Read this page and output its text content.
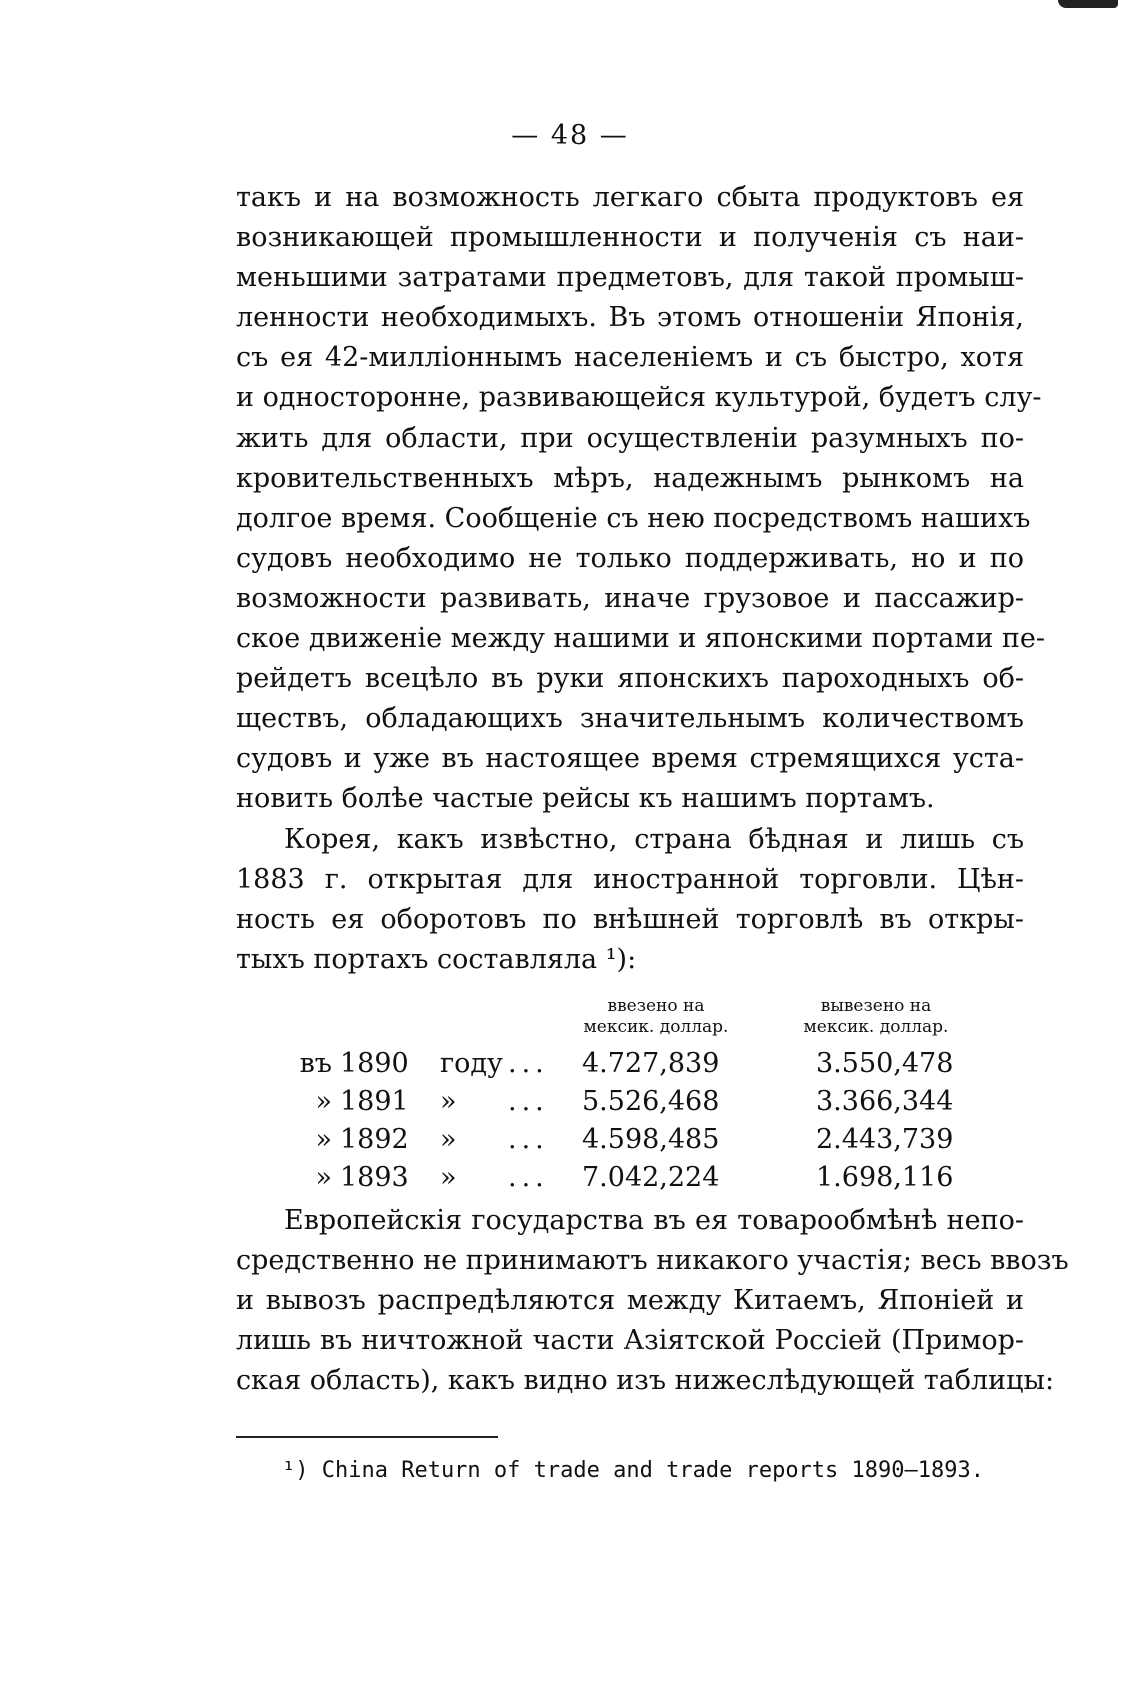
— 48 —
такъ и на возможность легкаго сбыта продуктовъ ея
возникающей промышленности и полученія съ наи-
меньшими затратами предметовъ, для такой промыш-
ленности необходимыхъ. Въ этомъ отношеніи Японія,
съ ея 42-милліоннымъ населеніемъ и съ быстро, хотя
и односторонне, развивающейся культурой, будетъ слу-
жить для области, при осуществленіи разумныхъ по-
кровительственныхъ мѣръ, надежнымъ рынкомъ на
долгое время. Сообщеніе съ нею посредствомъ нашихъ
судовъ необходимо не только поддерживать, но и по
возможности развивать, иначе грузовое и пассажир-
ское движеніе между нашими и японскими портами пе-
рейдетъ всецѣло въ руки японскихъ пароходныхъ об-
ществъ, обладающихъ значительнымъ количествомъ
судовъ и уже въ настоящее время стремящихся уста-
новить болѣе частые рейсы къ нашимъ портамъ.
Корея, какъ извѣстно, страна бѣдная и лишь съ
1883 г. открытая для иностранной торговли. Цѣн-
ность ея оборотовъ по внѣшней торговлѣ въ откры-
тыхъ портахъ составляла ¹):
ввезено на
мексик. доллар.
вывезено на
мексик. доллар.
въ 1890 году ... 4.727,839	3.550,478
» 1891 » ... 5.526,468	3.366,344
» 1892 » ... 4.598,485	2.443,739
» 1893 » ... 7.042,224	1.698,116
Европейскія государства въ ея товарообмѣнѣ непо-
средственно не принимаютъ никакого участія; весь ввозъ
и вывозъ распредѣляются между Китаемъ, Японіей и
лишь въ ничтожной части Азіятской Россіей (Примор-
ская область), какъ видно изъ нижеслѣдующей таблицы:
¹) China Return of trade and trade reports 1890—1893.
